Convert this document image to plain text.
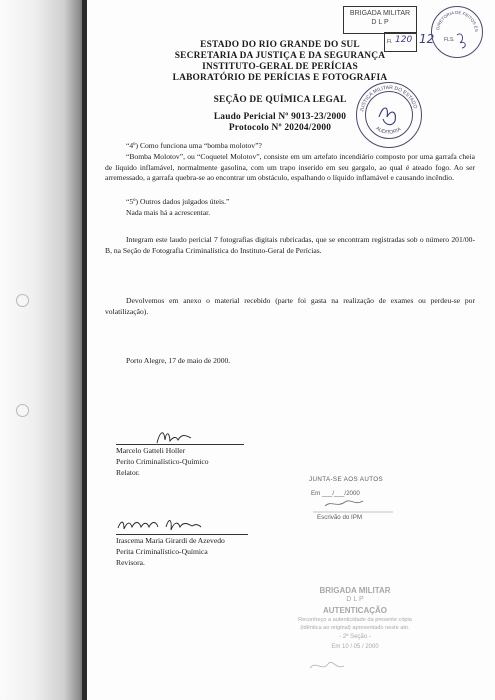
ESTADO DO RIO GRANDE DO SUL
SECRETARIA DA JUSTIÇA E DA SEGURANÇA
INSTITUTO-GERAL DE PERÍCIAS
LABORATÓRIO DE PERÍCIAS E FOTOGRAFIA
SEÇÃO DE QUÍMICA LEGAL
Laudo Pericial Nº 9013-23/2000
Protocolo Nº 20204/2000
“4º) Como funciona uma “bomba molotov”?
“Bomba Molotov”, ou “Coquetel Molotov”, consiste em um artefato incendiário composto por uma garrafa cheia de líquido inflamável, normalmente gasolina, com um trapo inserido em seu gargalo, ao qual é ateado fogo. Ao ser arremessado, a garrafa quebra-se ao encontrar um obstáculo, espalhando o líquido inflamável e causando incêndio.
“5º) Outros dados julgados úteis.”
Nada mais há a acrescentar.
Integram este laudo pericial 7 fotografias digitais rubricadas, que se encontram registradas sob o número 201/00-B, na Seção de Fotografia Criminalística do Instituto-Geral de Perícias.
Devolvemos em anexo o material recebido (parte foi gasta na realização de exames ou perdeu-se por volatilização).
Porto Alegre, 17 de maio de 2000.
Marcelo Gatteli Holler
Perito Criminalístico-Químico
Relator.
Irascema Maria Girardi de Azevedo
Perita Criminalístico-Química
Revisora.
BRIGADA MILITAR
D L P
Fl. 120 12
DIRETORIA DE FEITOS ES
FLS.
JUSTIÇA MILITAR DO ESTADO
AUDITORIA
JUNTA-SE AOS AUTOS
Em ___/___/2000
Escrivão do IPM
BRIGADA MILITAR
D L P
AUTENTICAÇÃO
Reconheço a autenticidade da presente cópia
(idêntica ao original) apresentado neste ato.
- 2ª Seção -
Em 10 / 05 / 2000
